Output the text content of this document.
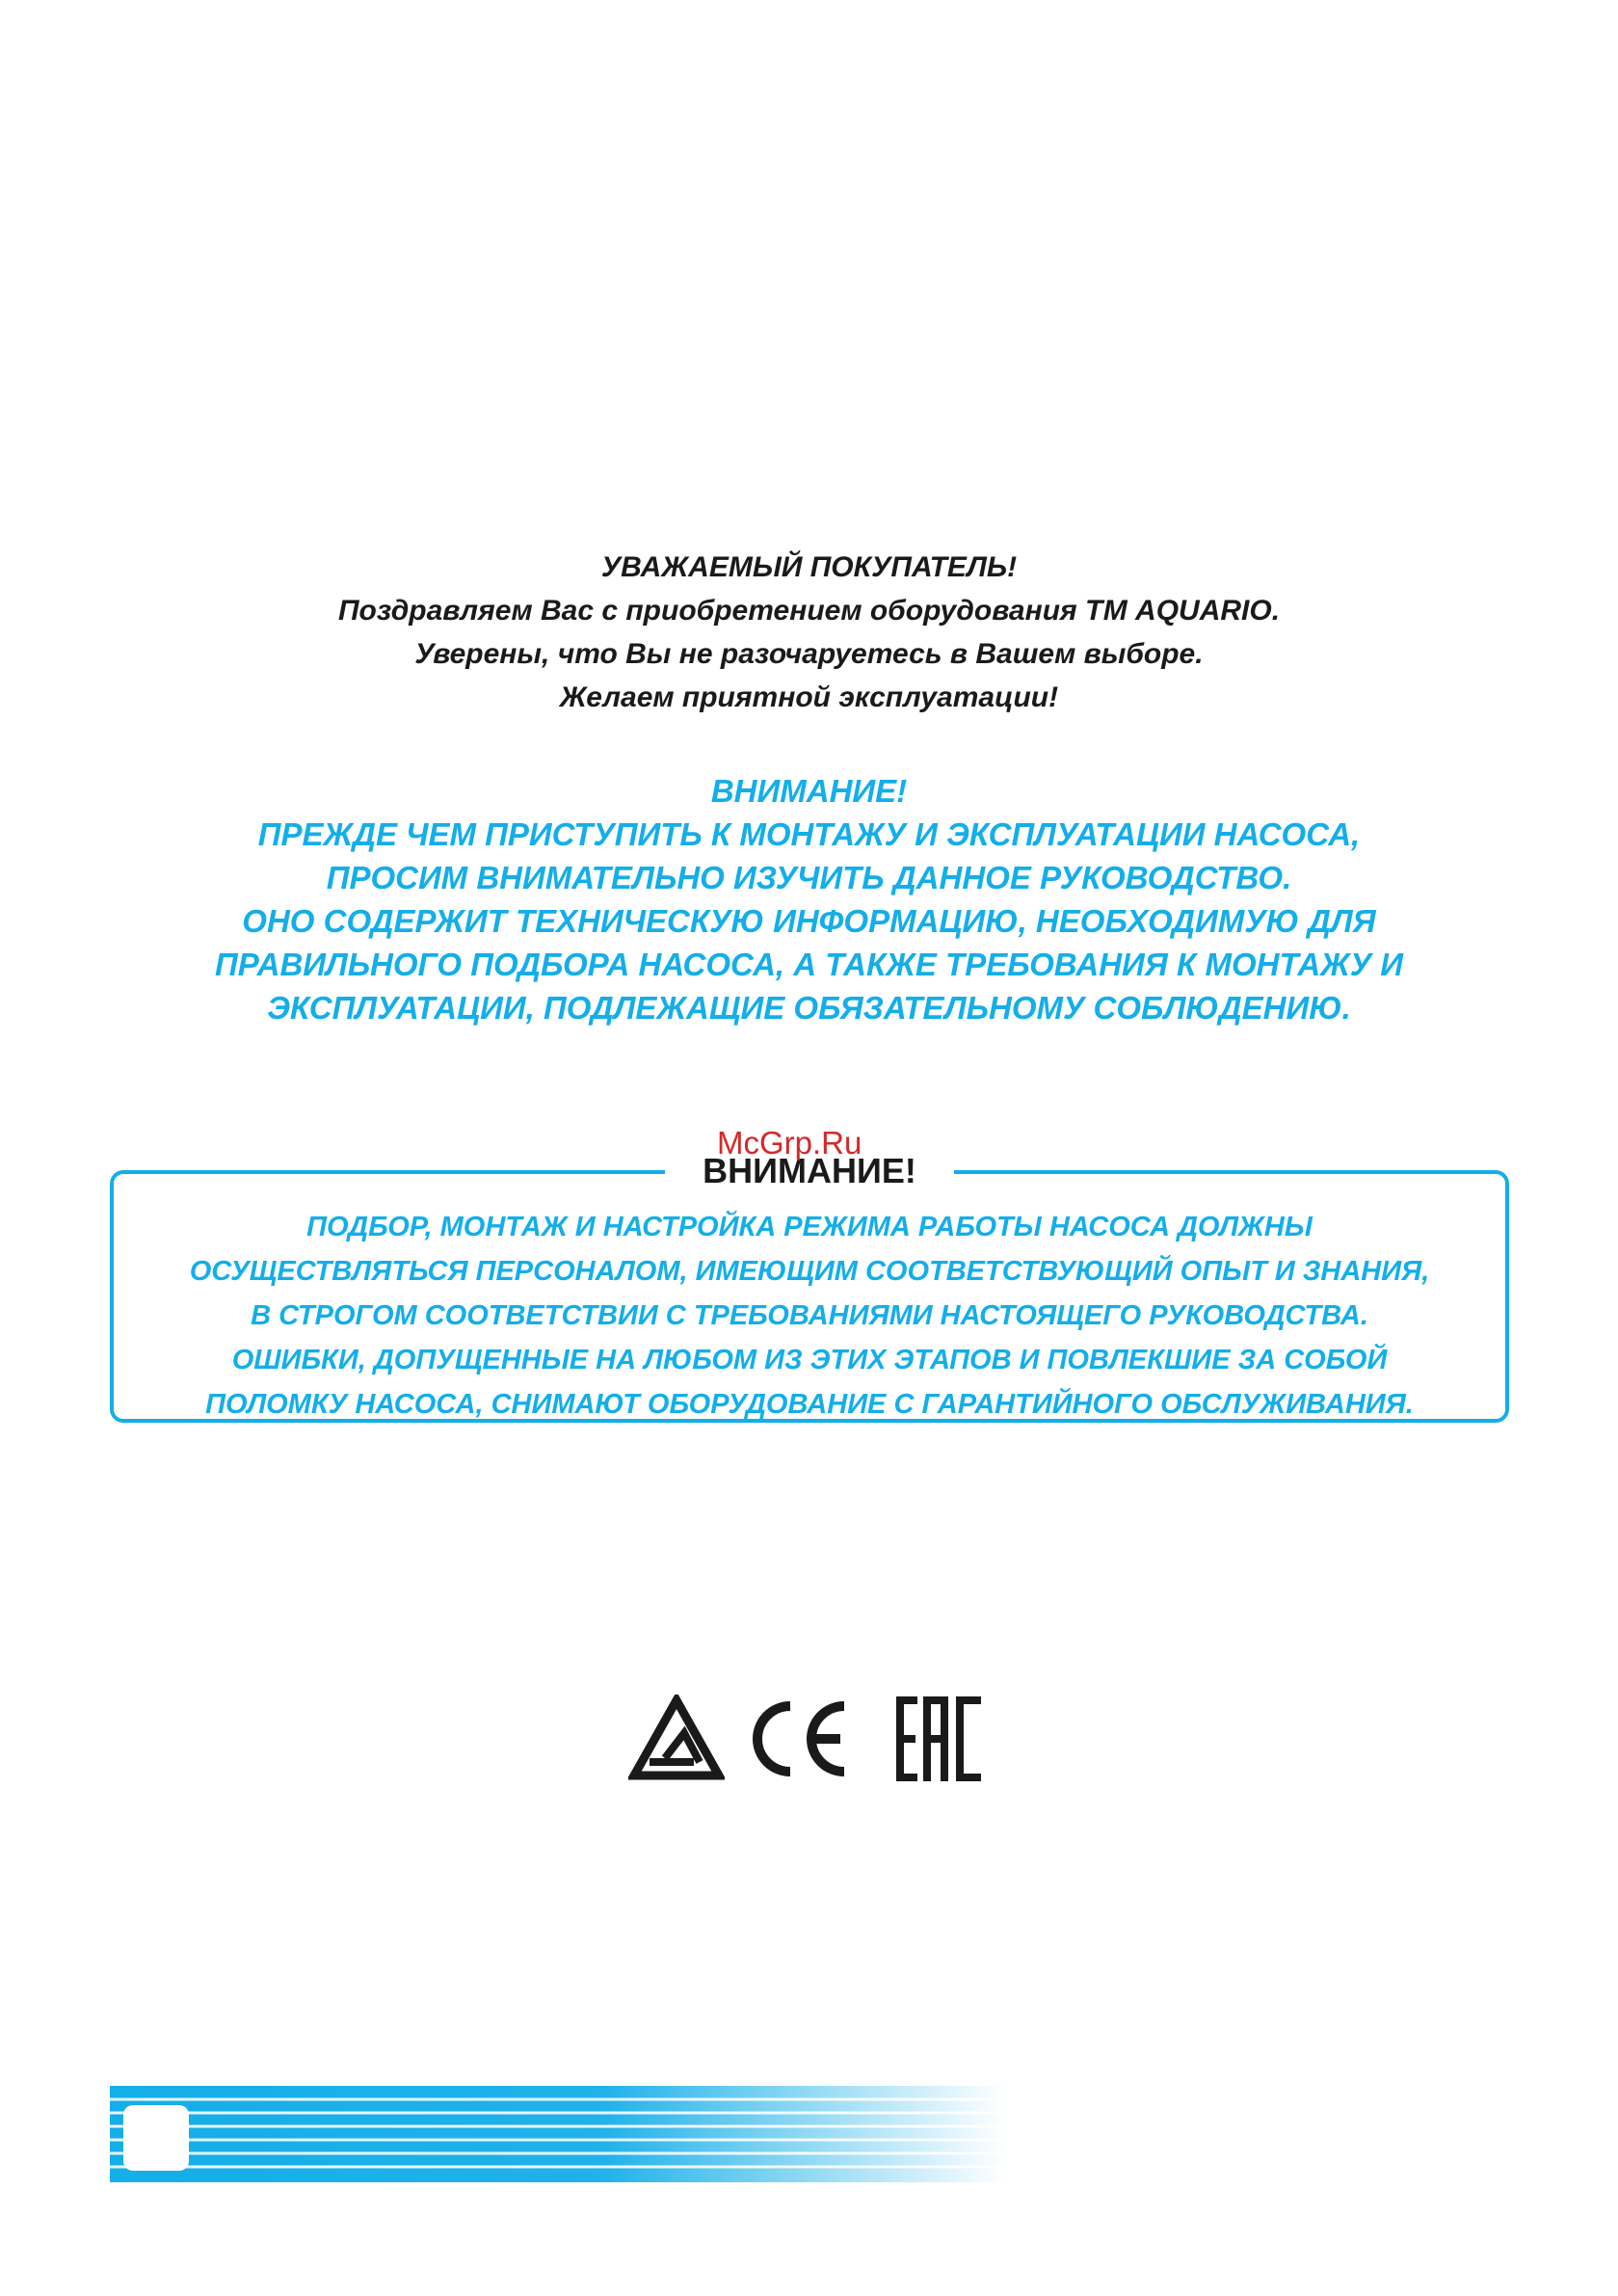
УВАЖАЕМЫЙ ПОКУПАТЕЛЬ!
Поздравляем Вас с приобретением оборудования ТМ AQUARIO.
Уверены, что Вы не разочаруетесь в Вашем выборе.
Желаем приятной эксплуатации!
ВНИМАНИЕ!
ПРЕЖДЕ ЧЕМ ПРИСТУПИТЬ К МОНТАЖУ И ЭКСПЛУАТАЦИИ НАСОСА,
ПРОСИМ ВНИМАТЕЛЬНО ИЗУЧИТЬ ДАННОЕ РУКОВОДСТВО.
ОНО СОДЕРЖИТ ТЕХНИЧЕСКУЮ ИНФОРМАЦИЮ, НЕОБХОДИМУЮ ДЛЯ
ПРАВИЛЬНОГО ПОДБОРА НАСОСА, А ТАКЖЕ ТРЕБОВАНИЯ К МОНТАЖУ И
ЭКСПЛУАТАЦИИ, ПОДЛЕЖАЩИЕ ОБЯЗАТЕЛЬНОМУ СОБЛЮДЕНИЮ.
ВНИМАНИЕ!
ПОДБОР, МОНТАЖ И НАСТРОЙКА РЕЖИМА РАБОТЫ НАСОСА ДОЛЖНЫ
ОСУЩЕСТВЛЯТЬСЯ ПЕРСОНАЛОМ, ИМЕЮЩИМ СООТВЕТСТВУЮЩИЙ ОПЫТ И ЗНАНИЯ,
В СТРОГОМ СООТВЕТСТВИИ С ТРЕБОВАНИЯМИ НАСТОЯЩЕГО РУКОВОДСТВА.
ОШИБКИ, ДОПУЩЕННЫЕ НА ЛЮБОМ ИЗ ЭТИХ ЭТАПОВ И ПОВЛЕКШИЕ ЗА СОБОЙ
ПОЛОМКУ НАСОСА, СНИМАЮТ ОБОРУДОВАНИЕ С ГАРАНТИЙНОГО ОБСЛУЖИВАНИЯ.
McGrp.Ru
